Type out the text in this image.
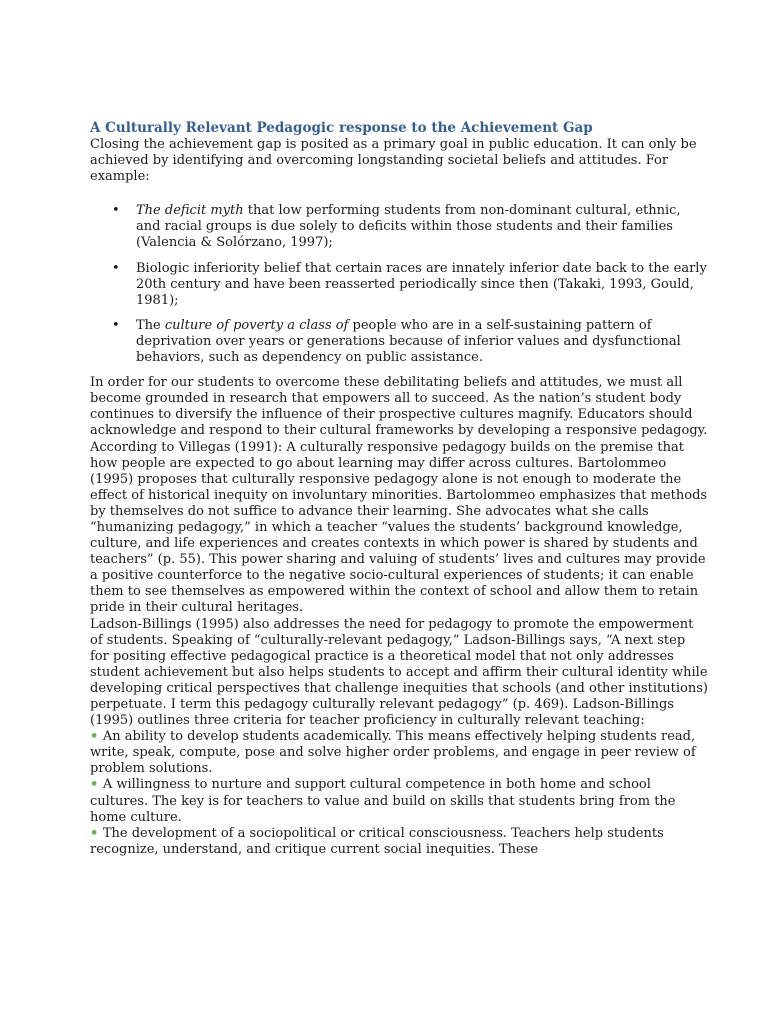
A Culturally Relevant Pedagogic response to the Achievement Gap

Closing the achievement gap is posited as a primary goal in public education. It can only be achieved by identifying and overcoming longstanding societal beliefs and attitudes. For example:

• The deficit myth that low performing students from non-dominant cultural, ethnic, and racial groups is due solely to deficits within those students and their families (Valencia & Solórzano, 1997);
• Biologic inferiority belief that certain races are innately inferior date back to the early 20th century and have been reasserted periodically since then (Takaki, 1993, Gould, 1981);
• The culture of poverty a class of people who are in a self-sustaining pattern of deprivation over years or generations because of inferior values and dysfunctional behaviors, such as dependency on public assistance.

In order for our students to overcome these debilitating beliefs and attitudes, we must all become grounded in research that empowers all to succeed. As the nation’s student body continues to diversify the influence of their prospective cultures magnify. Educators should acknowledge and respond to their cultural frameworks by developing a responsive pedagogy. According to Villegas (1991): A culturally responsive pedagogy builds on the premise that how people are expected to go about learning may differ across cultures. Bartolommeo (1995) proposes that culturally responsive pedagogy alone is not enough to moderate the effect of historical inequity on involuntary minorities. Bartolommeo emphasizes that methods by themselves do not suffice to advance their learning. She advocates what she calls “humanizing pedagogy,” in which a teacher “values the students’ background knowledge, culture, and life experiences and creates contexts in which power is shared by students and teachers” (p. 55). This power sharing and valuing of students’ lives and cultures may provide a positive counterforce to the negative socio-cultural experiences of students; it can enable them to see themselves as empowered within the context of school and allow them to retain pride in their cultural heritages.

Ladson-Billings (1995) also addresses the need for pedagogy to promote the empowerment of students. Speaking of “culturally-relevant pedagogy,” Ladson-Billings says, “A next step for positing effective pedagogical practice is a theoretical model that not only addresses student achievement but also helps students to accept and affirm their cultural identity while developing critical perspectives that challenge inequities that schools (and other institutions) perpetuate. I term this pedagogy culturally relevant pedagogy” (p. 469). Ladson-Billings (1995) outlines three criteria for teacher proficiency in culturally relevant teaching:

• An ability to develop students academically. This means effectively helping students read, write, speak, compute, pose and solve higher order problems, and engage in peer review of problem solutions.

• A willingness to nurture and support cultural competence in both home and school cultures. The key is for teachers to value and build on skills that students bring from the home culture.

• The development of a sociopolitical or critical consciousness. Teachers help students recognize, understand, and critique current social inequities. These
